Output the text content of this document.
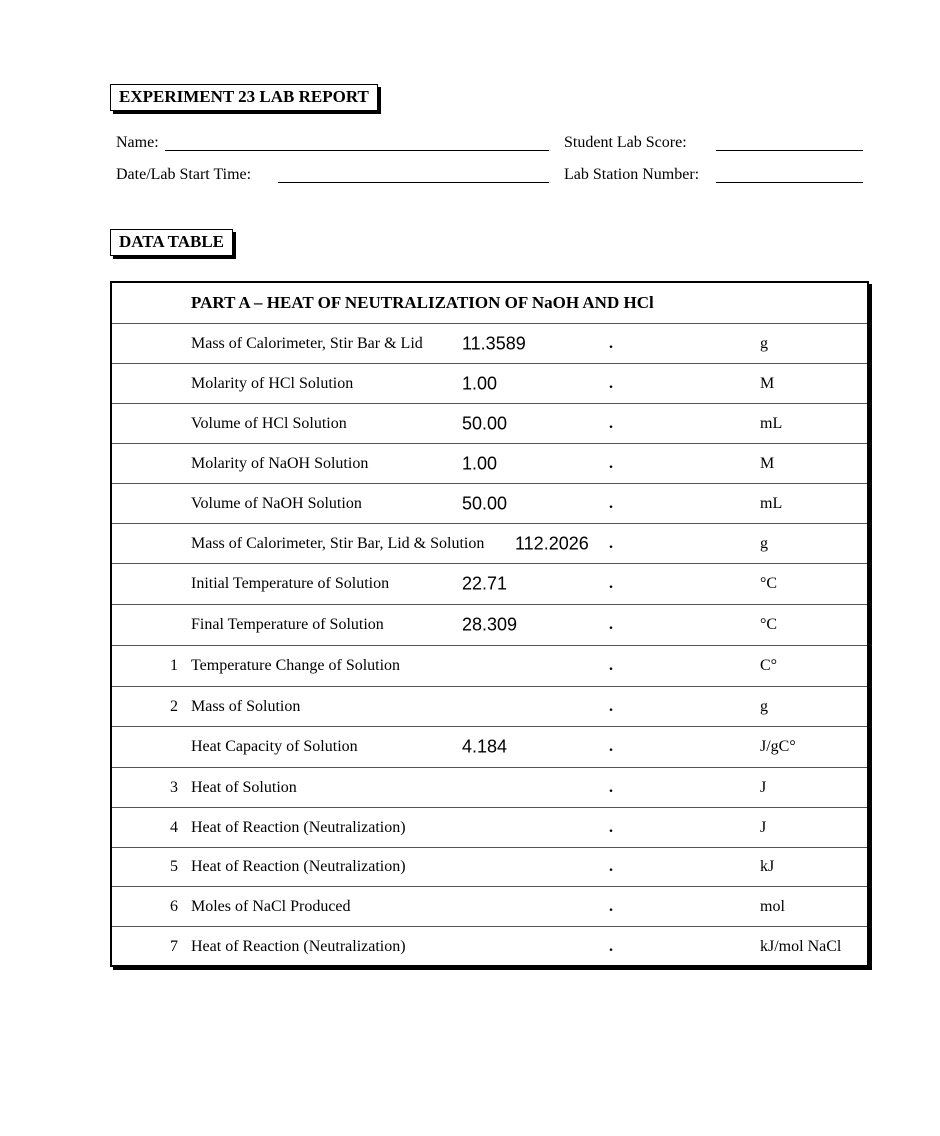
EXPERIMENT 23 LAB REPORT
Name:	Student Lab Score:
Date/Lab Start Time:	Lab Station Number:
DATA TABLE
PART A – HEAT OF NEUTRALIZATION OF NaOH AND HCl
Mass of Calorimeter, Stir Bar & Lid 11.3589	.	g
Molarity of HCl Solution	1.00	.	M
Volume of HCl Solution	50.00	.	mL
Molarity of NaOH Solution	1.00	.	M
Volume of NaOH Solution	50.00	.	mL
Mass of Calorimeter, Stir Bar, Lid & Solution 112.2026 .	g
Initial Temperature of Solution	22.71	.	°C
Final Temperature of Solution	28.309	.	°C
1 Temperature Change of Solution	.	C°
2 Mass of Solution	.	g
Heat Capacity of Solution	4.184	.	J/gC°
3 Heat of Solution	.	J
4 Heat of Reaction (Neutralization)	.	J
5 Heat of Reaction (Neutralization)	.	kJ
6 Moles of NaCl Produced	.	mol
7 Heat of Reaction (Neutralization)	.	kJ/mol NaCl
